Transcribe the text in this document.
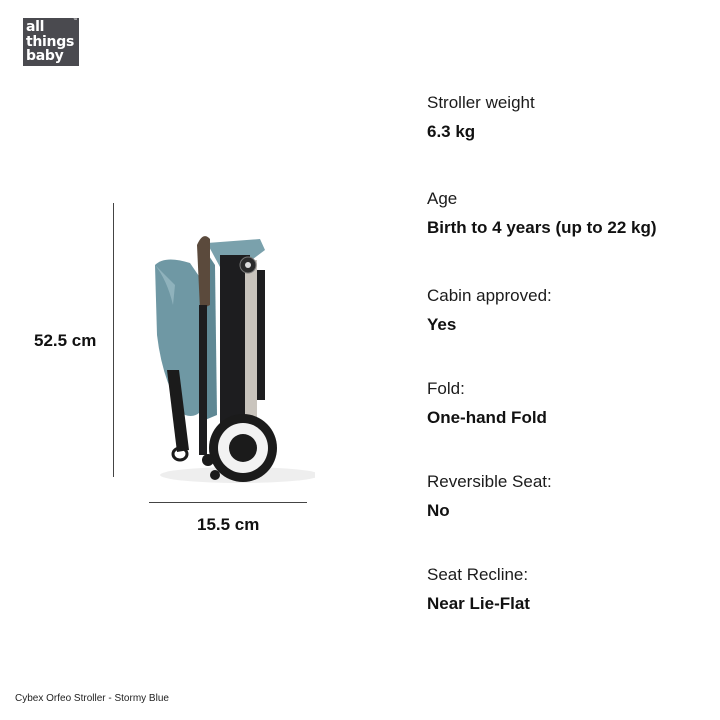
all
things
baby
™
52.5 cm
15.5 cm
Stroller weight
6.3 kg
Age
Birth to 4 years (up to 22 kg)
Cabin approved:
Yes
Fold:
One-hand Fold
Reversible Seat:
No
Seat Recline:
Near Lie-Flat
Cybex Orfeo Stroller - Stormy Blue
